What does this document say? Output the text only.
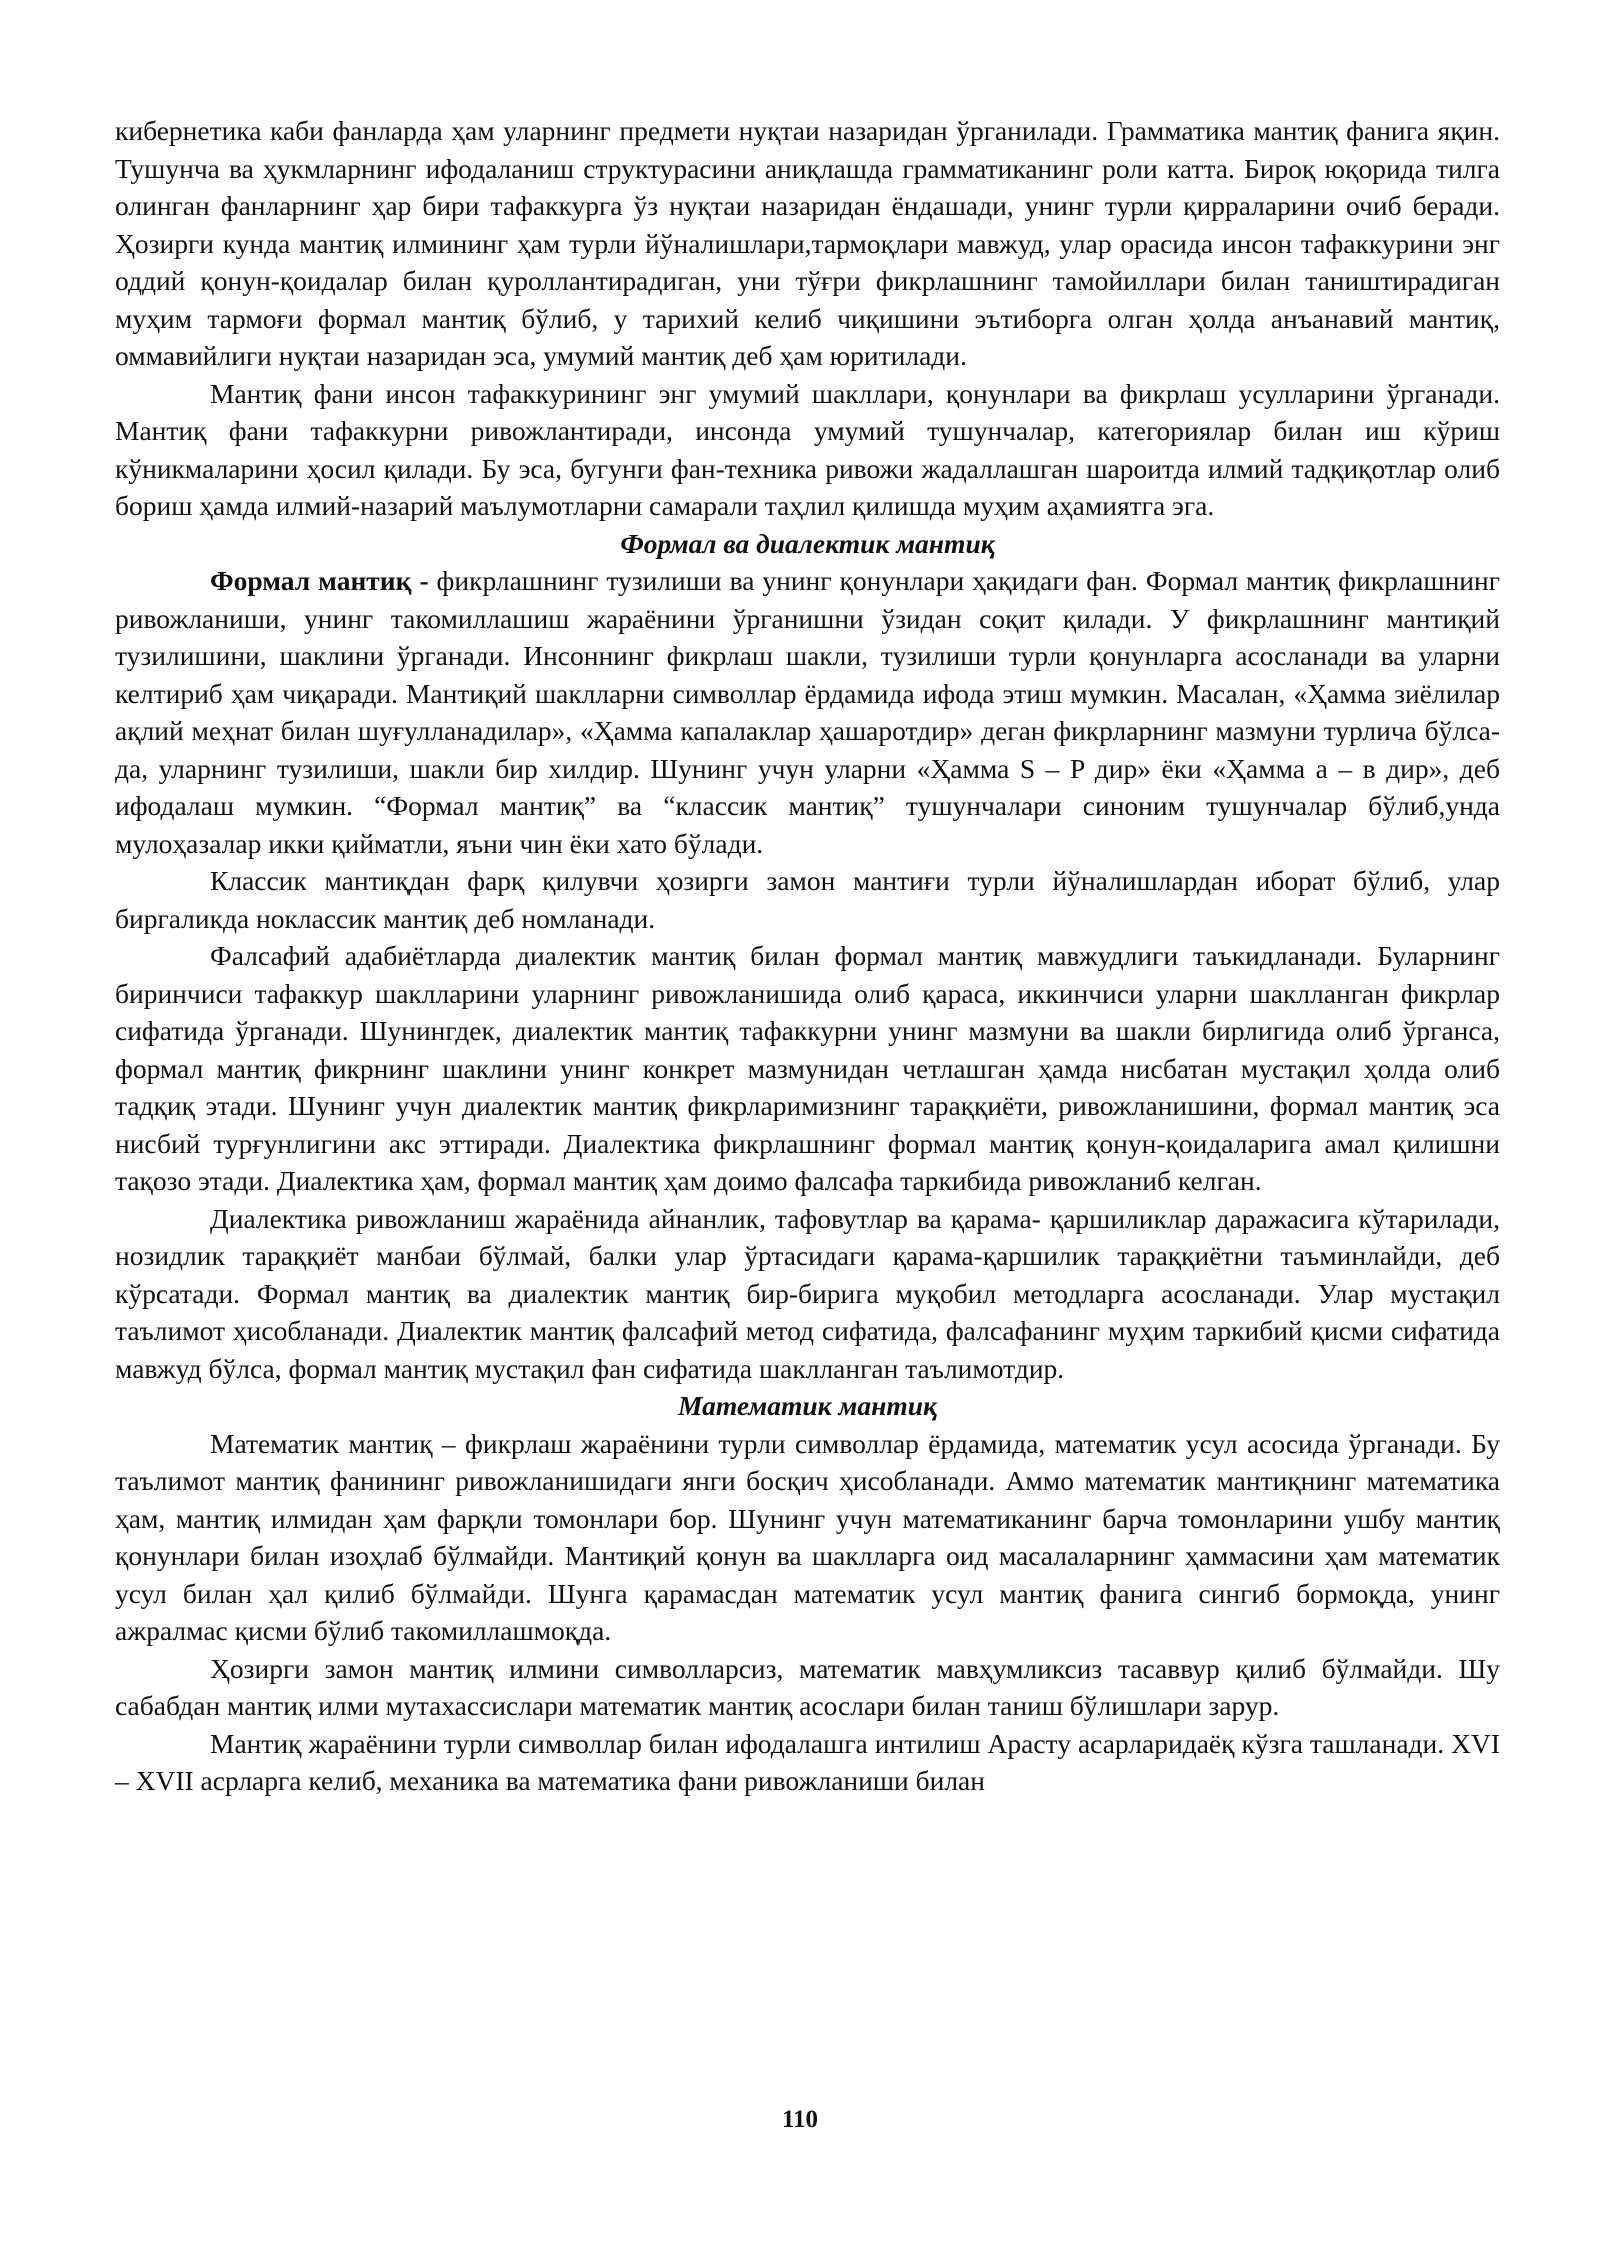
кибернетика каби фанларда ҳам уларнинг предмети нуқтаи назаридан ўрганилади. Грамматика мантиқ фанига яқин. Тушунча ва ҳукмларнинг ифодаланиш структурасини аниқлашда грамматиканинг роли катта. Бироқ юқорида тилга олинган фанларнинг ҳар бири тафаккурга ўз нуқтаи назаридан ёндашади, унинг турли қирраларини очиб беради. Ҳозирги кунда мантиқ илмининг ҳам турли йўналишлари,тармоқлари мавжуд, улар орасида инсон тафаккурини энг оддий қонун-қоидалар билан қуроллантирадиган, уни тўғри фикрлашнинг тамойиллари билан таништирадиган муҳим тармоғи формал мантиқ бўлиб, у тарихий келиб чиқишини эътиборга олган ҳолда анъанавий мантиқ, оммавийлиги нуқтаи назаридан эса, умумий мантиқ деб ҳам юритилади.

Мантиқ фани инсон тафаккурининг энг умумий шакллари, қонунлари ва фикрлаш усулларини ўрганади. Мантиқ фани тафаккурни ривожлантиради, инсонда умумий тушунчалар, категориялар билан иш кўриш кўникмаларини ҳосил қилади. Бу эса, бугунги фан-техника ривожи жадаллашган шароитда илмий тадқиқотлар олиб бориш ҳамда илмий-назарий маълумотларни самарали таҳлил қилишда муҳим аҳамиятга эга.

Формал ва диалектик мантиқ

Формал мантиқ - фикрлашнинг тузилиши ва унинг қонунлари ҳақидаги фан. Формал мантиқ фикрлашнинг ривожланиши, унинг такомиллашиш жараёнини ўрганишни ўзидан соқит қилади. У фикрлашнинг мантиқий тузилишини, шаклини ўрганади. Инсоннинг фикрлаш шакли, тузилиши турли қонунларга асосланади ва уларни келтириб ҳам чиқаради. Мантиқий шаклларни символлар ёрдамида ифода этиш мумкин. Масалан, «Ҳамма зиёлилар ақлий меҳнат билан шуғулланадилар», «Ҳамма капалаклар ҳашаротдир» деган фикрларнинг мазмуни турлича бўлса-да, уларнинг тузилиши, шакли бир хилдир. Шунинг учун уларни «Ҳамма S – P дир» ёки «Ҳамма a – в дир», деб ифодалаш мумкин. “Формал мантиқ” ва “классик мантиқ” тушунчалари синоним тушунчалар бўлиб,унда мулоҳазалар икки қийматли, яъни чин ёки хато бўлади.

Классик мантиқдан фарқ қилувчи ҳозирги замон мантиғи турли йўналишлардан иборат бўлиб, улар биргаликда ноклассик мантиқ деб номланади.

Фалсафий адабиётларда диалектик мантиқ билан формал мантиқ мавжудлиги таъкидланади. Буларнинг биринчиси тафаккур шаклларини уларнинг ривожланишида олиб қараса, иккинчиси уларни шаклланган фикрлар сифатида ўрганади. Шунингдек, диалектик мантиқ тафаккурни унинг мазмуни ва шакли бирлигида олиб ўрганса, формал мантиқ фикрнинг шаклини унинг конкрет мазмунидан четлашган ҳамда нисбатан мустақил ҳолда олиб тадқиқ этади. Шунинг учун диалектик мантиқ фикрларимизнинг тараққиёти, ривожланишини, формал мантиқ эса нисбий турғунлигини акс эттиради. Диалектика фикрлашнинг формал мантиқ қонун-қоидаларига амал қилишни тақозо этади. Диалектика ҳам, формал мантиқ ҳам доимо фалсафа таркибида ривожланиб келган.

Диалектика ривожланиш жараёнида айнанлик, тафовутлар ва қарама- қаршиликлар даражасига кўтарилади, нозидлик тараққиёт манбаи бўлмай, балки улар ўртасидаги қарама-қаршилик тараққиётни таъминлайди, деб кўрсатади. Формал мантиқ ва диалектик мантиқ бир-бирига муқобил методларга асосланади. Улар мустақил таълимот ҳисобланади. Диалектик мантиқ фалсафий метод сифатида, фалсафанинг муҳим таркибий қисми сифатида мавжуд бўлса, формал мантиқ мустақил фан сифатида шаклланган таълимотдир.

Математик мантиқ

Математик мантиқ – фикрлаш жараёнини турли символлар ёрдамида, математик усул асосида ўрганади. Бу таълимот мантиқ фанининг ривожланишидаги янги босқич ҳисобланади. Аммо математик мантиқнинг математика ҳам, мантиқ илмидан ҳам фарқли томонлари бор. Шунинг учун математиканинг барча томонларини ушбу мантиқ қонунлари билан изоҳлаб бўлмайди. Мантиқий қонун ва шаклларга оид масалаларнинг ҳаммасини ҳам математик усул билан ҳал қилиб бўлмайди. Шунга қарамасдан математик усул мантиқ фанига сингиб бормоқда, унинг ажралмас қисми бўлиб такомиллашмоқда.

Ҳозирги замон мантиқ илмини символларсиз, математик мавҳумликсиз тасаввур қилиб бўлмайди. Шу сабабдан мантиқ илми мутахассислари математик мантиқ асослари билан таниш бўлишлари зарур.

Мантиқ жараёнини турли символлар билан ифодалашга интилиш Арасту асарларидаёқ кўзга ташланади. XVI – XVII асрларга келиб, механика ва математика фани ривожланиши билан

110
